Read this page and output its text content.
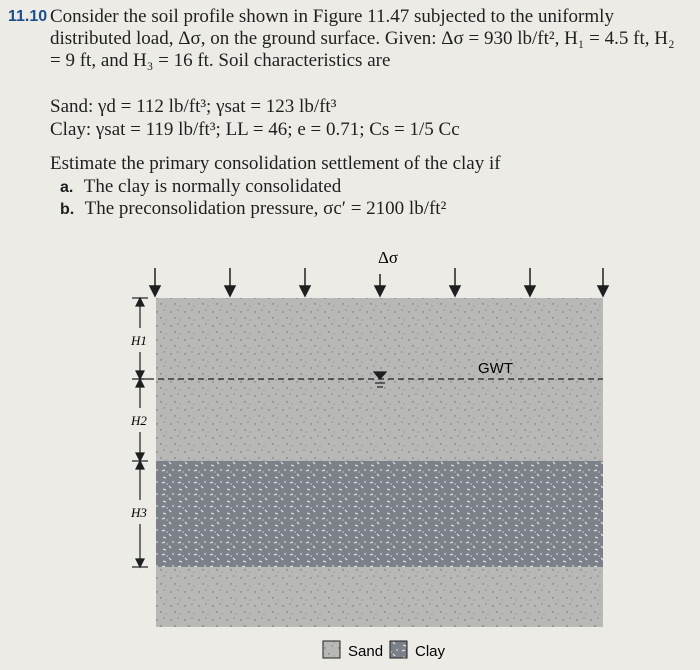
11.10 Consider the soil profile shown in Figure 11.47 subjected to the uniformly distributed load, Δσ, on the ground surface. Given: Δσ = 930 lb/ft², H₁ = 4.5 ft, H₂ = 9 ft, and H₃ = 16 ft. Soil characteristics are
Sand: γd = 112 lb/ft³; γsat = 123 lb/ft³
Clay: γsat = 119 lb/ft³; LL = 46; e = 0.71; Cs = 1/5 Cc
Estimate the primary consolidation settlement of the clay if
a. The clay is normally consolidated
b. The preconsolidation pressure, σc′ = 2100 lb/ft²
Δσ
GWT
H1
H2
H3
Sand Clay
